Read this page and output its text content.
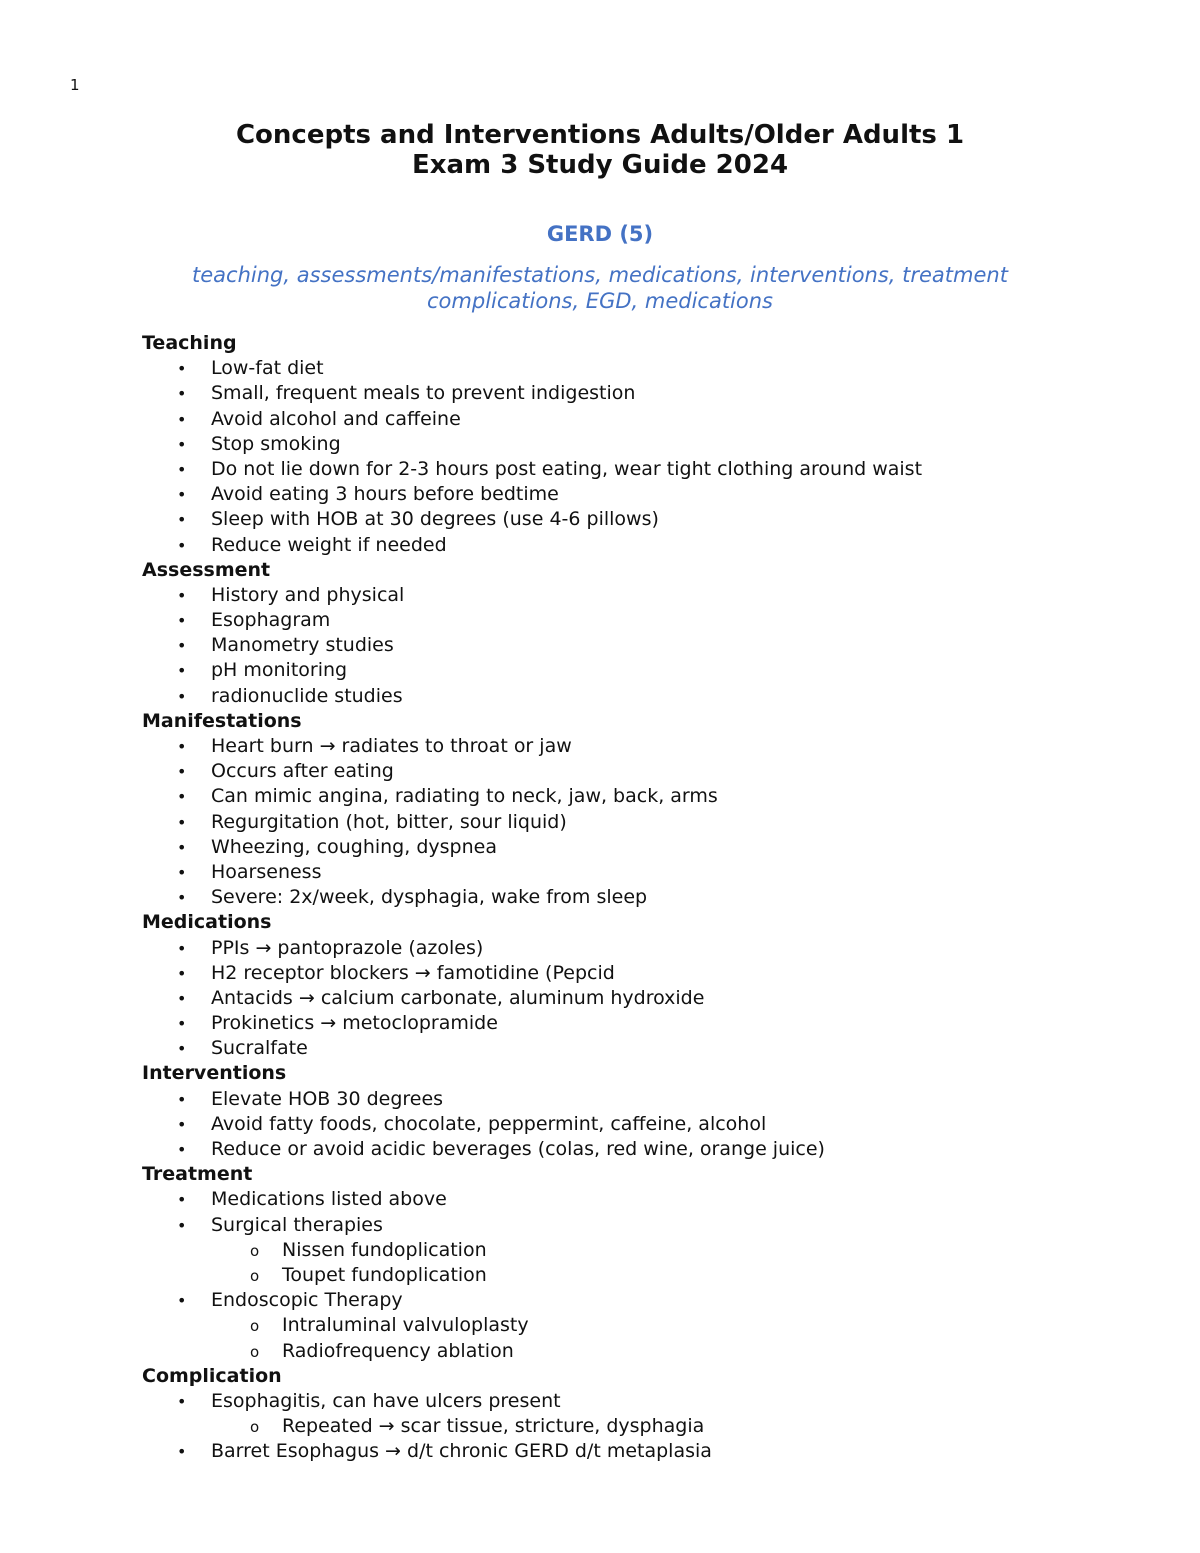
1
Concepts and Interventions Adults/Older Adults 1
Exam 3 Study Guide 2024
GERD (5)
teaching, assessments/manifestations, medications, interventions, treatment
complications, EGD, medications
Teaching
• Low-fat diet
• Small, frequent meals to prevent indigestion
• Avoid alcohol and caffeine
• Stop smoking
• Do not lie down for 2-3 hours post eating, wear tight clothing around waist
• Avoid eating 3 hours before bedtime
• Sleep with HOB at 30 degrees (use 4-6 pillows)
• Reduce weight if needed
Assessment
• History and physical
• Esophagram
• Manometry studies
• pH monitoring
• radionuclide studies
Manifestations
• Heart burn → radiates to throat or jaw
• Occurs after eating
• Can mimic angina, radiating to neck, jaw, back, arms
• Regurgitation (hot, bitter, sour liquid)
• Wheezing, coughing, dyspnea
• Hoarseness
• Severe: 2x/week, dysphagia, wake from sleep
Medications
• PPIs → pantoprazole (azoles)
• H2 receptor blockers → famotidine (Pepcid
• Antacids → calcium carbonate, aluminum hydroxide
• Prokinetics → metoclopramide
• Sucralfate
Interventions
• Elevate HOB 30 degrees
• Avoid fatty foods, chocolate, peppermint, caffeine, alcohol
• Reduce or avoid acidic beverages (colas, red wine, orange juice)
Treatment
• Medications listed above
• Surgical therapies
o Nissen fundoplication
o Toupet fundoplication
• Endoscopic Therapy
o Intraluminal valvuloplasty
o Radiofrequency ablation
Complication
• Esophagitis, can have ulcers present
o Repeated → scar tissue, stricture, dysphagia
• Barret Esophagus → d/t chronic GERD d/t metaplasia
